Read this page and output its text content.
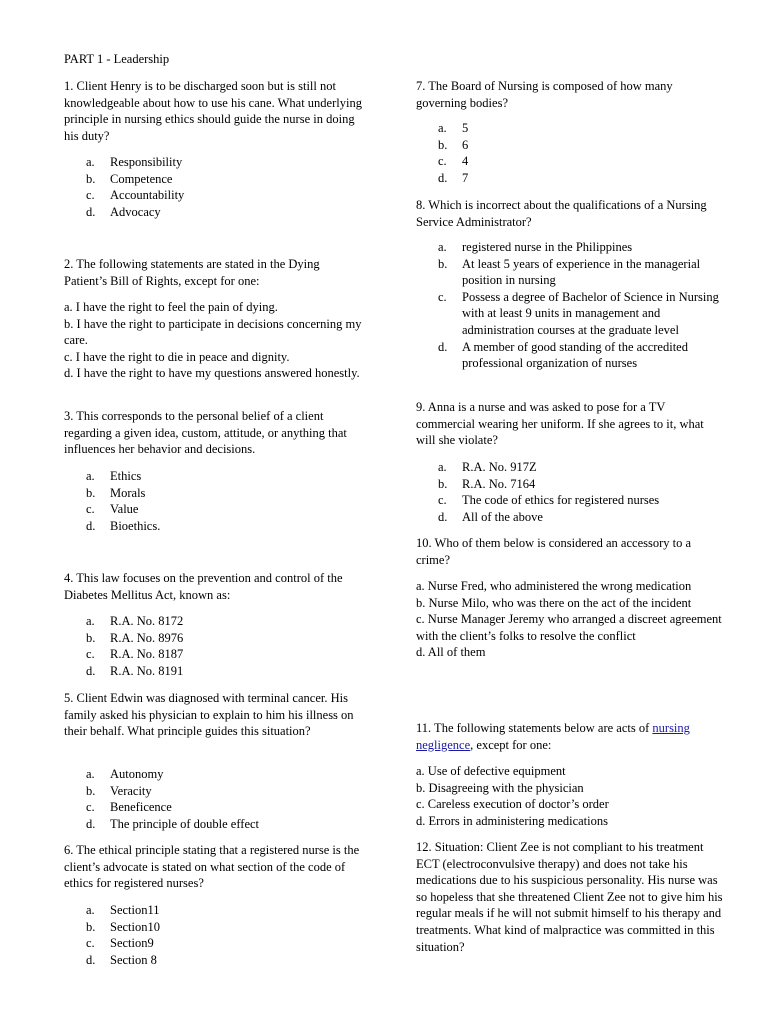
PART 1 - Leadership

1. Client Henry is to be discharged soon but is still not knowledgeable about how to use his cane. What underlying principle in nursing ethics should guide the nurse in doing his duty?

a. Responsibility
b. Competence
c. Accountability
d. Advocacy

2. The following statements are stated in the Dying Patient’s Bill of Rights, except for one:

a. I have the right to feel the pain of dying.
b. I have the right to participate in decisions concerning my care.
c. I have the right to die in peace and dignity.
d. I have the right to have my questions answered honestly.

3. This corresponds to the personal belief of a client regarding a given idea, custom, attitude, or anything that influences her behavior and decisions.

a. Ethics
b. Morals
c. Value
d. Bioethics.

4. This law focuses on the prevention and control of the Diabetes Mellitus Act, known as:

a. R.A. No. 8172
b. R.A. No. 8976
c. R.A. No. 8187
d. R.A. No. 8191

5. Client Edwin was diagnosed with terminal cancer. His family asked his physician to explain to him his illness on their behalf. What principle guides this situation?

a. Autonomy
b. Veracity
c. Beneficence
d. The principle of double effect

6. The ethical principle stating that a registered nurse is the client’s advocate is stated on what section of the code of ethics for registered nurses?

a. Section11
b. Section10
c. Section9
d. Section 8

7. The Board of Nursing is composed of how many governing bodies?

a. 5
b. 6
c. 4
d. 7

8. Which is incorrect about the qualifications of a Nursing Service Administrator?

a. registered nurse in the Philippines
b. At least 5 years of experience in the managerial position in nursing
c. Possess a degree of Bachelor of Science in Nursing with at least 9 units in management and administration courses at the graduate level
d. A member of good standing of the accredited professional organization of nurses

9. Anna is a nurse and was asked to pose for a TV commercial wearing her uniform. If she agrees to it, what will she violate?

a. R.A. No. 917Z
b. R.A. No. 7164
c. The code of ethics for registered nurses
d. All of the above

10. Who of them below is considered an accessory to a crime?

a. Nurse Fred, who administered the wrong medication
b. Nurse Milo, who was there on the act of the incident
c. Nurse Manager Jeremy who arranged a discreet agreement with the client’s folks to resolve the conflict
d. All of them

11. The following statements below are acts of nursing negligence, except for one:

a. Use of defective equipment
b. Disagreeing with the physician
c. Careless execution of doctor’s order
d. Errors in administering medications

12. Situation: Client Zee is not compliant to his treatment ECT (electroconvulsive therapy) and does not take his medications due to his suspicious personality. His nurse was so hopeless that she threatened Client Zee not to give him his regular meals if he will not submit himself to his therapy and treatments. What kind of malpractice was committed in this situation?
